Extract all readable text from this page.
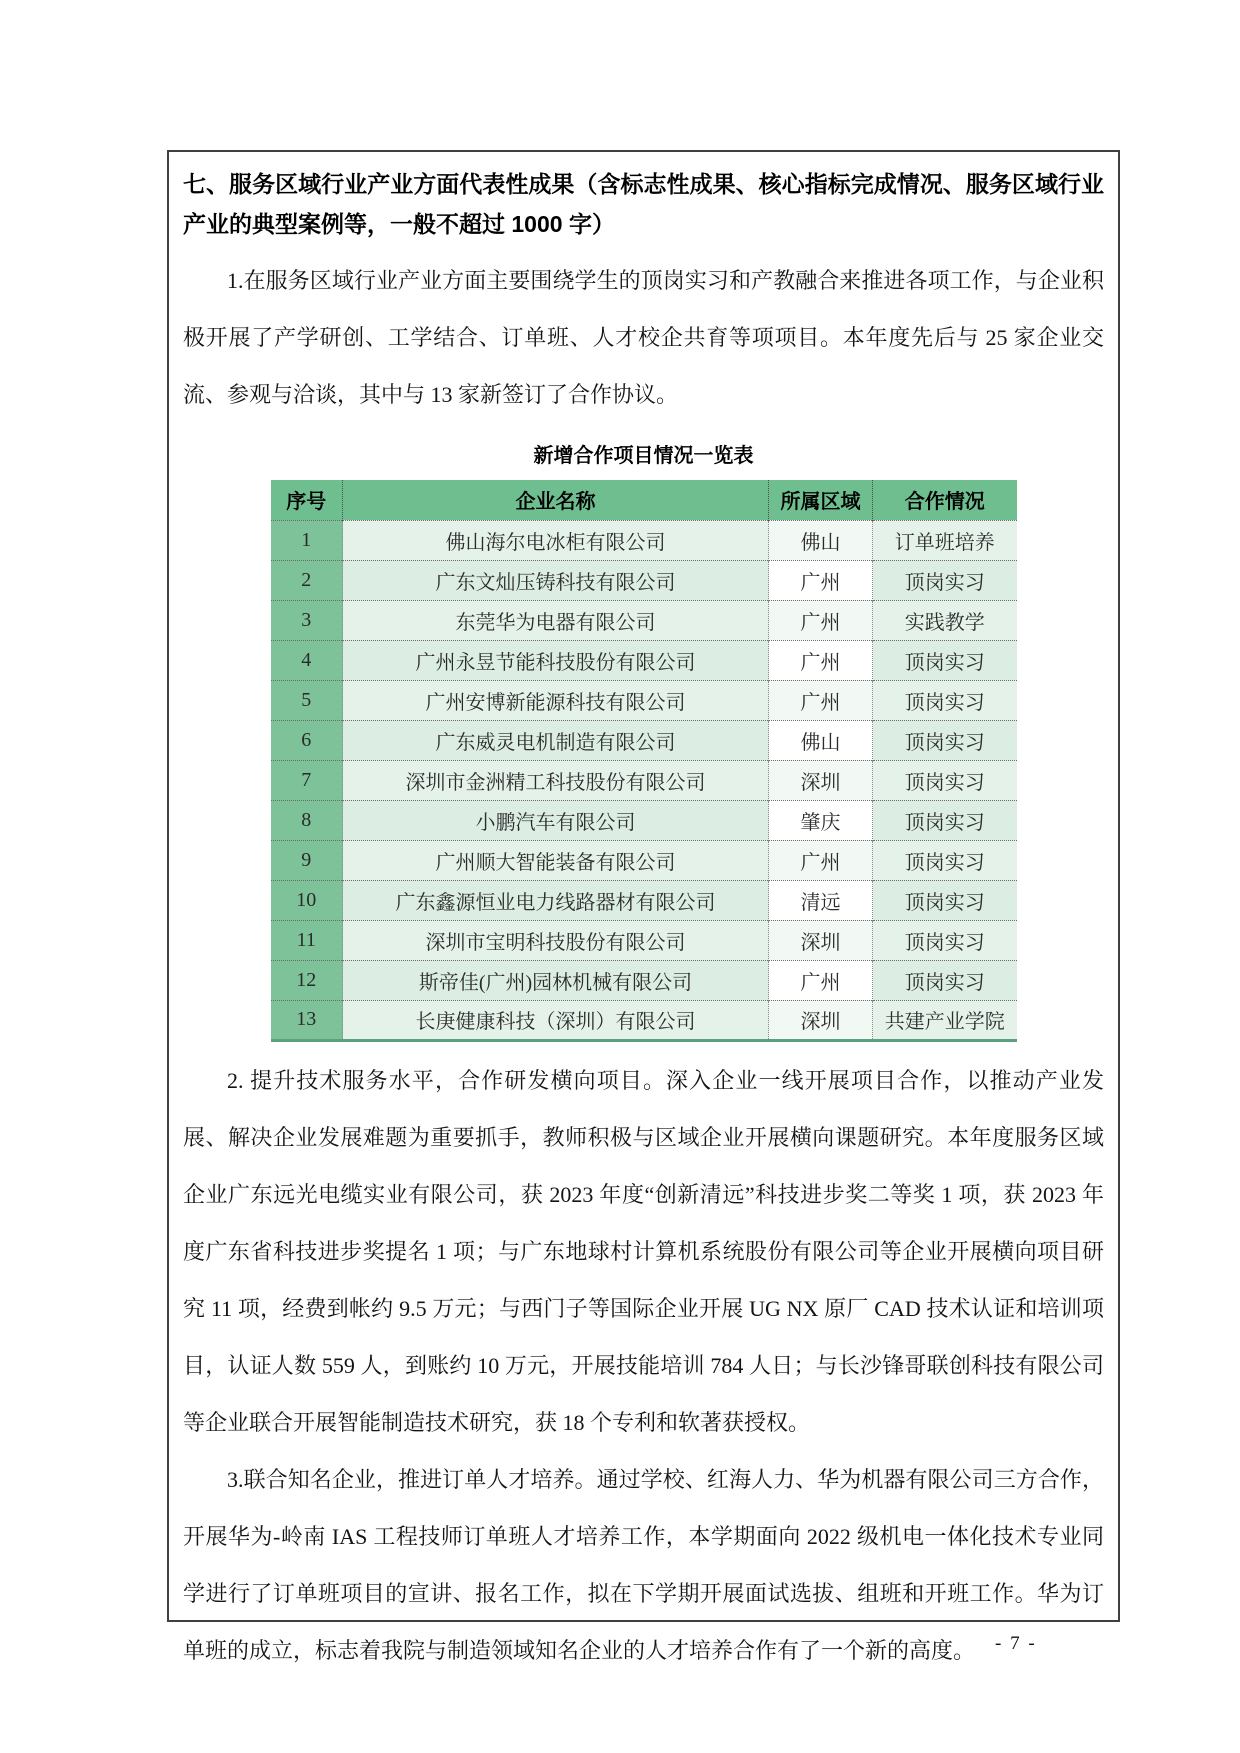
七、服务区域行业产业方面代表性成果（含标志性成果、核心指标完成情况、服务区域行业产业的典型案例等，一般不超过 1000 字）

1.在服务区域行业产业方面主要围绕学生的顶岗实习和产教融合来推进各项工作，与企业积极开展了产学研创、工学结合、订单班、人才校企共育等项项目。本年度先后与 25 家企业交流、参观与洽谈，其中与 13 家新签订了合作协议。

新增合作项目情况一览表
序号	企业名称	所属区域	合作情况
1	佛山海尔电冰柜有限公司	佛山	订单班培养
2	广东文灿压铸科技有限公司	广州	顶岗实习
3	东莞华为电器有限公司	广州	实践教学
4	广州永昱节能科技股份有限公司	广州	顶岗实习
5	广州安博新能源科技有限公司	广州	顶岗实习
6	广东威灵电机制造有限公司	佛山	顶岗实习
7	深圳市金洲精工科技股份有限公司	深圳	顶岗实习
8	小鹏汽车有限公司	肇庆	顶岗实习
9	广州顺大智能装备有限公司	广州	顶岗实习
10	广东鑫源恒业电力线路器材有限公司	清远	顶岗实习
11	深圳市宝明科技股份有限公司	深圳	顶岗实习
12	斯帝佳(广州)园林机械有限公司	广州	顶岗实习
13	长庚健康科技（深圳）有限公司	深圳	共建产业学院

2. 提升技术服务水平，合作研发横向项目。深入企业一线开展项目合作，以推动产业发展、解决企业发展难题为重要抓手，教师积极与区域企业开展横向课题研究。本年度服务区域企业广东远光电缆实业有限公司，获 2023 年度“创新清远”科技进步奖二等奖 1 项，获 2023 年度广东省科技进步奖提名 1 项；与广东地球村计算机系统股份有限公司等企业开展横向项目研究 11 项，经费到帐约 9.5 万元；与西门子等国际企业开展 UG NX 原厂 CAD 技术认证和培训项目，认证人数 559 人，到账约 10 万元，开展技能培训 784 人日；与长沙锋哥联创科技有限公司等企业联合开展智能制造技术研究，获 18 个专利和软著获授权。

3.联合知名企业，推进订单人才培养。通过学校、红海人力、华为机器有限公司三方合作，开展华为-岭南 IAS 工程技师订单班人才培养工作，本学期面向 2022 级机电一体化技术专业同学进行了订单班项目的宣讲、报名工作，拟在下学期开展面试选拔、组班和开班工作。华为订单班的成立，标志着我院与制造领域知名企业的人才培养合作有了一个新的高度。	- 7 -
